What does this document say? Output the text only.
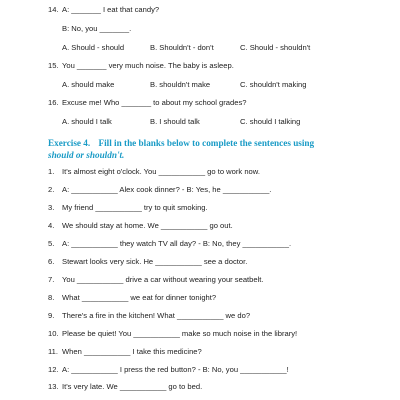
14. A: _______ I eat that candy?
B: No, you _______.
A. Should - should	B. Shouldn't - don't	C. Should - shouldn't
15. You _______ very much noise. The baby is asleep.
A. should make	B. shouldn't make	C. shouldn't making
16. Excuse me! Who _______ to about my school grades?
A. should I talk	B. I should talk	C. should I talking
Exercise 4. Fill in the blanks below to complete the sentences using
should or shouldn't.
1. It's almost eight o'clock. You ___________ go to work now.
2. A: ___________ Alex cook dinner? - B: Yes, he ___________.
3. My friend ___________ try to quit smoking.
4. We should stay at home. We ___________ go out.
5. A: ___________ they watch TV all day? - B: No, they ___________.
6. Stewart looks very sick. He ___________ see a doctor.
7. You ___________ drive a car without wearing your seatbelt.
8. What ___________ we eat for dinner tonight?
9. There's a fire in the kitchen! What ___________ we do?
10. Please be quiet! You ___________ make so much noise in the library!
11. When ___________ I take this medicine?
12. A: ___________ I press the red button? - B: No, you ___________!
13. It's very late. We ___________ go to bed.
